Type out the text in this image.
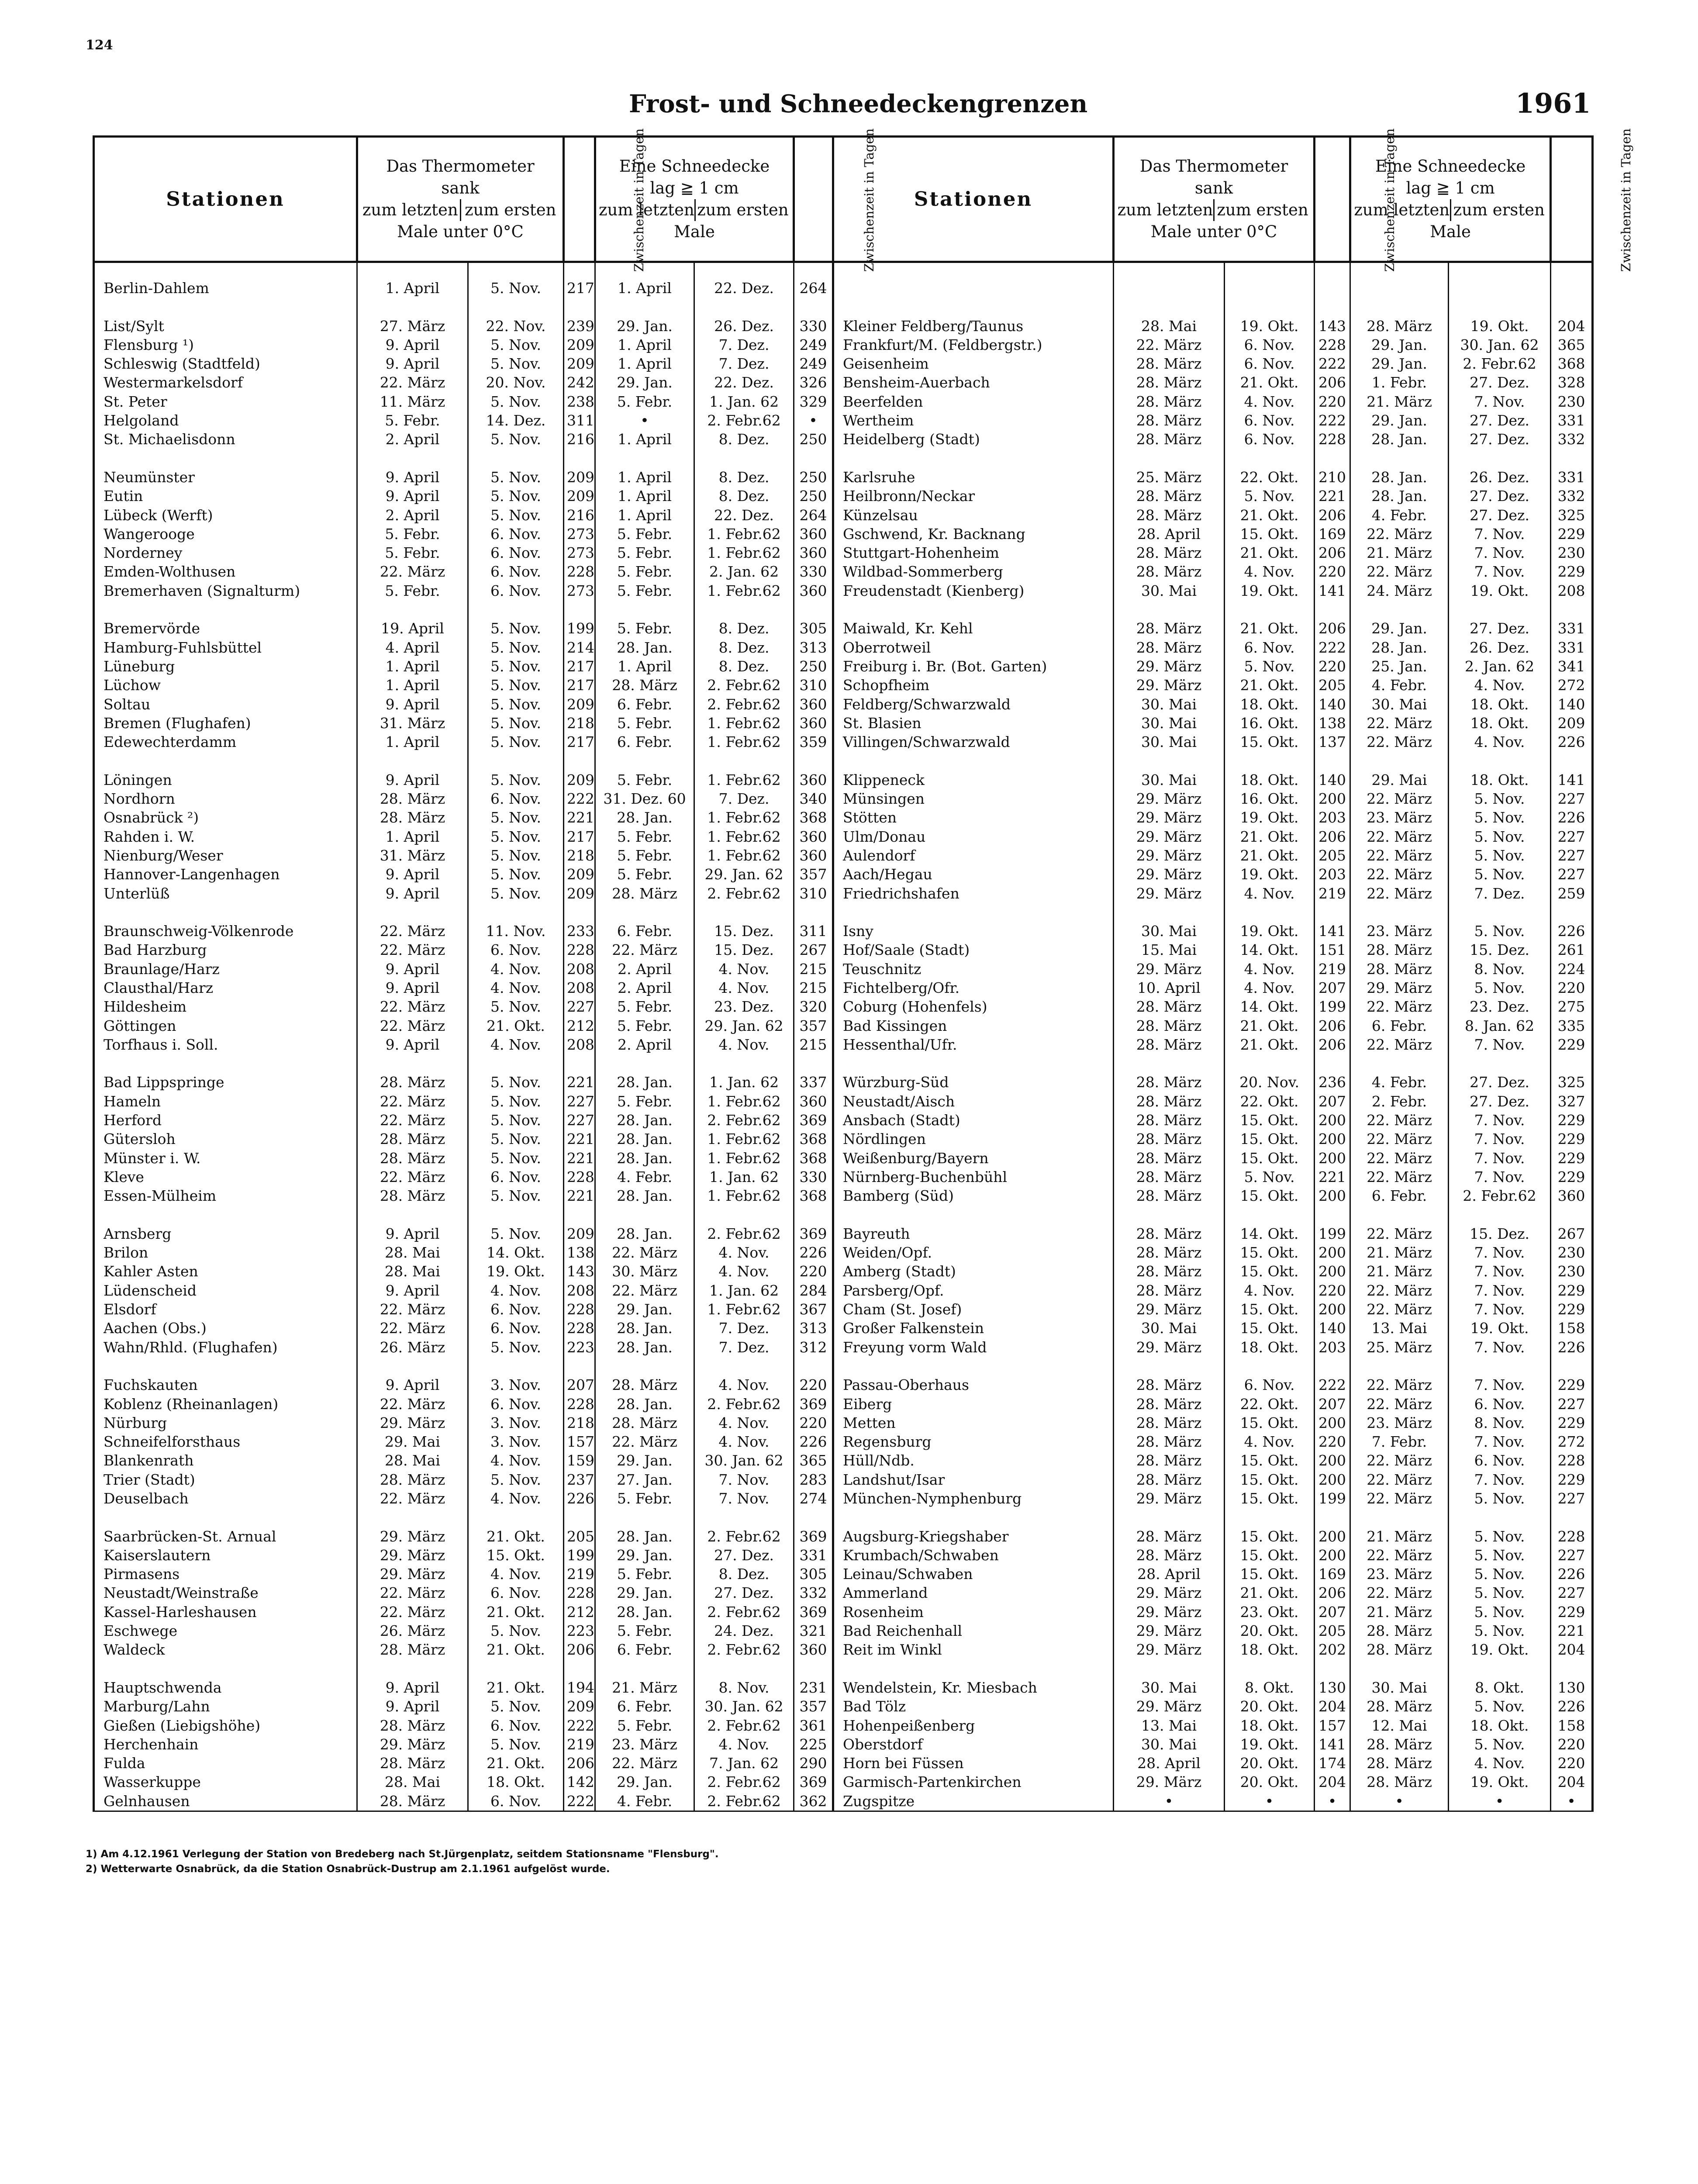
124
Frost- und Schneedeckengrenzen	1961
Stationen	Das Thermometer
sank
zum letzten zum ersten
Male unter 0°C		Zwischenzeit in Tagen	Eine Schneedecke
lag ≧ 1 cm
zum letzten zum ersten
Male		Zwischenzeit in Tagen	Stationen	Das Thermometer
sank
zum letzten zum ersten
Male unter 0°C		Zwischenzeit in Tagen	Eine Schneedecke
lag ≧ 1 cm
zum letzten zum ersten
Male		Zwischenzeit in Tagen
Berlin-Dahlem	1. April	5. Nov.	217	1. April	22. Dez.	264							

List/Sylt	27. März	22. Nov.	239	29. Jan.	26. Dez.	330	Kleiner Feldberg/Taunus	28. Mai	19. Okt.	143	28. März	19. Okt.	204
Flensburg ¹)	9. April	5. Nov.	209	1. April	7. Dez.	249	Frankfurt/M. (Feldbergstr.)	22. März	6. Nov.	228	29. Jan.	30. Jan. 62	365
Schleswig (Stadtfeld)	9. April	5. Nov.	209	1. April	7. Dez.	249	Geisenheim	28. März	6. Nov.	222	29. Jan.	2. Febr.62	368
Westermarkelsdorf	22. März	20. Nov.	242	29. Jan.	22. Dez.	326	Bensheim-Auerbach	28. März	21. Okt.	206	1. Febr.	27. Dez.	328
St. Peter	11. März	5. Nov.	238	5. Febr.	1. Jan. 62	329	Beerfelden	28. März	4. Nov.	220	21. März	7. Nov.	230
Helgoland	5. Febr.	14. Dez.	311	•	2. Febr.62	•	Wertheim	28. März	6. Nov.	222	29. Jan.	27. Dez.	331
St. Michaelisdonn	2. April	5. Nov.	216	1. April	8. Dez.	250	Heidelberg (Stadt)	28. März	6. Nov.	228	28. Jan.	27. Dez.	332

Neumünster	9. April	5. Nov.	209	1. April	8. Dez.	250	Karlsruhe	25. März	22. Okt.	210	28. Jan.	26. Dez.	331
Eutin	9. April	5. Nov.	209	1. April	8. Dez.	250	Heilbronn/Neckar	28. März	5. Nov.	221	28. Jan.	27. Dez.	332
Lübeck (Werft)	2. April	5. Nov.	216	1. April	22. Dez.	264	Künzelsau	28. März	21. Okt.	206	4. Febr.	27. Dez.	325
Wangerooge	5. Febr.	6. Nov.	273	5. Febr.	1. Febr.62	360	Gschwend, Kr. Backnang	28. April	15. Okt.	169	22. März	7. Nov.	229
Norderney	5. Febr.	6. Nov.	273	5. Febr.	1. Febr.62	360	Stuttgart-Hohenheim	28. März	21. Okt.	206	21. März	7. Nov.	230
Emden-Wolthusen	22. März	6. Nov.	228	5. Febr.	2. Jan. 62	330	Wildbad-Sommerberg	28. März	4. Nov.	220	22. März	7. Nov.	229
Bremerhaven (Signalturm)	5. Febr.	6. Nov.	273	5. Febr.	1. Febr.62	360	Freudenstadt (Kienberg)	30. Mai	19. Okt.	141	24. März	19. Okt.	208

Bremervörde	19. April	5. Nov.	199	5. Febr.	8. Dez.	305	Maiwald, Kr. Kehl	28. März	21. Okt.	206	29. Jan.	27. Dez.	331
Hamburg-Fuhlsbüttel	4. April	5. Nov.	214	28. Jan.	8. Dez.	313	Oberrotweil	28. März	6. Nov.	222	28. Jan.	26. Dez.	331
Lüneburg	1. April	5. Nov.	217	1. April	8. Dez.	250	Freiburg i. Br. (Bot. Garten)	29. März	5. Nov.	220	25. Jan.	2. Jan. 62	341
Lüchow	1. April	5. Nov.	217	28. März	2. Febr.62	310	Schopfheim	29. März	21. Okt.	205	4. Febr.	4. Nov.	272
Soltau	9. April	5. Nov.	209	6. Febr.	2. Febr.62	360	Feldberg/Schwarzwald	30. Mai	18. Okt.	140	30. Mai	18. Okt.	140
Bremen (Flughafen)	31. März	5. Nov.	218	5. Febr.	1. Febr.62	360	St. Blasien	30. Mai	16. Okt.	138	22. März	18. Okt.	209
Edewechterdamm	1. April	5. Nov.	217	6. Febr.	1. Febr.62	359	Villingen/Schwarzwald	30. Mai	15. Okt.	137	22. März	4. Nov.	226

Löningen	9. April	5. Nov.	209	5. Febr.	1. Febr.62	360	Klippeneck	30. Mai	18. Okt.	140	29. Mai	18. Okt.	141
Nordhorn	28. März	6. Nov.	222	31. Dez. 60	7. Dez.	340	Münsingen	29. März	16. Okt.	200	22. März	5. Nov.	227
Osnabrück ²)	28. März	5. Nov.	221	28. Jan.	1. Febr.62	368	Stötten	29. März	19. Okt.	203	23. März	5. Nov.	226
Rahden i. W.	1. April	5. Nov.	217	5. Febr.	1. Febr.62	360	Ulm/Donau	29. März	21. Okt.	206	22. März	5. Nov.	227
Nienburg/Weser	31. März	5. Nov.	218	5. Febr.	1. Febr.62	360	Aulendorf	29. März	21. Okt.	205	22. März	5. Nov.	227
Hannover-Langenhagen	9. April	5. Nov.	209	5. Febr.	29. Jan. 62	357	Aach/Hegau	29. März	19. Okt.	203	22. März	5. Nov.	227
Unterlüß	9. April	5. Nov.	209	28. März	2. Febr.62	310	Friedrichshafen	29. März	4. Nov.	219	22. März	7. Dez.	259

Braunschweig-Völkenrode	22. März	11. Nov.	233	6. Febr.	15. Dez.	311	Isny	30. Mai	19. Okt.	141	23. März	5. Nov.	226
Bad Harzburg	22. März	6. Nov.	228	22. März	15. Dez.	267	Hof/Saale (Stadt)	15. Mai	14. Okt.	151	28. März	15. Dez.	261
Braunlage/Harz	9. April	4. Nov.	208	2. April	4. Nov.	215	Teuschnitz	29. März	4. Nov.	219	28. März	8. Nov.	224
Clausthal/Harz	9. April	4. Nov.	208	2. April	4. Nov.	215	Fichtelberg/Ofr.	10. April	4. Nov.	207	29. März	5. Nov.	220
Hildesheim	22. März	5. Nov.	227	5. Febr.	23. Dez.	320	Coburg (Hohenfels)	28. März	14. Okt.	199	22. März	23. Dez.	275
Göttingen	22. März	21. Okt.	212	5. Febr.	29. Jan. 62	357	Bad Kissingen	28. März	21. Okt.	206	6. Febr.	8. Jan. 62	335
Torfhaus i. Soll.	9. April	4. Nov.	208	2. April	4. Nov.	215	Hessenthal/Ufr.	28. März	21. Okt.	206	22. März	7. Nov.	229

Bad Lippspringe	28. März	5. Nov.	221	28. Jan.	1. Jan. 62	337	Würzburg-Süd	28. März	20. Nov.	236	4. Febr.	27. Dez.	325
Hameln	22. März	5. Nov.	227	5. Febr.	1. Febr.62	360	Neustadt/Aisch	28. März	22. Okt.	207	2. Febr.	27. Dez.	327
Herford	22. März	5. Nov.	227	28. Jan.	2. Febr.62	369	Ansbach (Stadt)	28. März	15. Okt.	200	22. März	7. Nov.	229
Gütersloh	28. März	5. Nov.	221	28. Jan.	1. Febr.62	368	Nördlingen	28. März	15. Okt.	200	22. März	7. Nov.	229
Münster i. W.	28. März	5. Nov.	221	28. Jan.	1. Febr.62	368	Weißenburg/Bayern	28. März	15. Okt.	200	22. März	7. Nov.	229
Kleve	22. März	6. Nov.	228	4. Febr.	1. Jan. 62	330	Nürnberg-Buchenbühl	28. März	5. Nov.	221	22. März	7. Nov.	229
Essen-Mülheim	28. März	5. Nov.	221	28. Jan.	1. Febr.62	368	Bamberg (Süd)	28. März	15. Okt.	200	6. Febr.	2. Febr.62	360

Arnsberg	9. April	5. Nov.	209	28. Jan.	2. Febr.62	369	Bayreuth	28. März	14. Okt.	199	22. März	15. Dez.	267
Brilon	28. Mai	14. Okt.	138	22. März	4. Nov.	226	Weiden/Opf.	28. März	15. Okt.	200	21. März	7. Nov.	230
Kahler Asten	28. Mai	19. Okt.	143	30. März	4. Nov.	220	Amberg (Stadt)	28. März	15. Okt.	200	21. März	7. Nov.	230
Lüdenscheid	9. April	4. Nov.	208	22. März	1. Jan. 62	284	Parsberg/Opf.	28. März	4. Nov.	220	22. März	7. Nov.	229
Elsdorf	22. März	6. Nov.	228	29. Jan.	1. Febr.62	367	Cham (St. Josef)	29. März	15. Okt.	200	22. März	7. Nov.	229
Aachen (Obs.)	22. März	6. Nov.	228	28. Jan.	7. Dez.	313	Großer Falkenstein	30. Mai	15. Okt.	140	13. Mai	19. Okt.	158
Wahn/Rhld. (Flughafen)	26. März	5. Nov.	223	28. Jan.	7. Dez.	312	Freyung vorm Wald	29. März	18. Okt.	203	25. März	7. Nov.	226

Fuchskauten	9. April	3. Nov.	207	28. März	4. Nov.	220	Passau-Oberhaus	28. März	6. Nov.	222	22. März	7. Nov.	229
Koblenz (Rheinanlagen)	22. März	6. Nov.	228	28. Jan.	2. Febr.62	369	Eiberg	28. März	22. Okt.	207	22. März	6. Nov.	227
Nürburg	29. März	3. Nov.	218	28. März	4. Nov.	220	Metten	28. März	15. Okt.	200	23. März	8. Nov.	229
Schneifelforsthaus	29. Mai	3. Nov.	157	22. März	4. Nov.	226	Regensburg	28. März	4. Nov.	220	7. Febr.	7. Nov.	272
Blankenrath	28. Mai	4. Nov.	159	29. Jan.	30. Jan. 62	365	Hüll/Ndb.	28. März	15. Okt.	200	22. März	6. Nov.	228
Trier (Stadt)	28. März	5. Nov.	237	27. Jan.	7. Nov.	283	Landshut/Isar	28. März	15. Okt.	200	22. März	7. Nov.	229
Deuselbach	22. März	4. Nov.	226	5. Febr.	7. Nov.	274	München-Nymphenburg	29. März	15. Okt.	199	22. März	5. Nov.	227

Saarbrücken-St. Arnual	29. März	21. Okt.	205	28. Jan.	2. Febr.62	369	Augsburg-Kriegshaber	28. März	15. Okt.	200	21. März	5. Nov.	228
Kaiserslautern	29. März	15. Okt.	199	29. Jan.	27. Dez.	331	Krumbach/Schwaben	28. März	15. Okt.	200	22. März	5. Nov.	227
Pirmasens	29. März	4. Nov.	219	5. Febr.	8. Dez.	305	Leinau/Schwaben	28. April	15. Okt.	169	23. März	5. Nov.	226
Neustadt/Weinstraße	22. März	6. Nov.	228	29. Jan.	27. Dez.	332	Ammerland	29. März	21. Okt.	206	22. März	5. Nov.	227
Kassel-Harleshausen	22. März	21. Okt.	212	28. Jan.	2. Febr.62	369	Rosenheim	29. März	23. Okt.	207	21. März	5. Nov.	229
Eschwege	26. März	5. Nov.	223	5. Febr.	24. Dez.	321	Bad Reichenhall	29. März	20. Okt.	205	28. März	5. Nov.	221
Waldeck	28. März	21. Okt.	206	6. Febr.	2. Febr.62	360	Reit im Winkl	29. März	18. Okt.	202	28. März	19. Okt.	204

Hauptschwenda	9. April	21. Okt.	194	21. März	8. Nov.	231	Wendelstein, Kr. Miesbach	30. Mai	8. Okt.	130	30. Mai	8. Okt.	130
Marburg/Lahn	9. April	5. Nov.	209	6. Febr.	30. Jan. 62	357	Bad Tölz	29. März	20. Okt.	204	28. März	5. Nov.	226
Gießen (Liebigshöhe)	28. März	6. Nov.	222	5. Febr.	2. Febr.62	361	Hohenpeißenberg	13. Mai	18. Okt.	157	12. Mai	18. Okt.	158
Herchenhain	29. März	5. Nov.	219	23. März	4. Nov.	225	Oberstdorf	30. Mai	19. Okt.	141	28. März	5. Nov.	220
Fulda	28. März	21. Okt.	206	22. März	7. Jan. 62	290	Horn bei Füssen	28. April	20. Okt.	174	28. März	4. Nov.	220
Wasserkuppe	28. Mai	18. Okt.	142	29. Jan.	2. Febr.62	369	Garmisch-Partenkirchen	29. März	20. Okt.	204	28. März	19. Okt.	204
Gelnhausen	28. März	6. Nov.	222	4. Febr.	2. Febr.62	362	Zugspitze	•	•	•	•	•	•
1) Am 4.12.1961 Verlegung der Station von Bredeberg nach St.Jürgenplatz, seitdem Stationsname "Flensburg".
2) Wetterwarte Osnabrück, da die Station Osnabrück-Dustrup am 2.1.1961 aufgelöst wurde.
